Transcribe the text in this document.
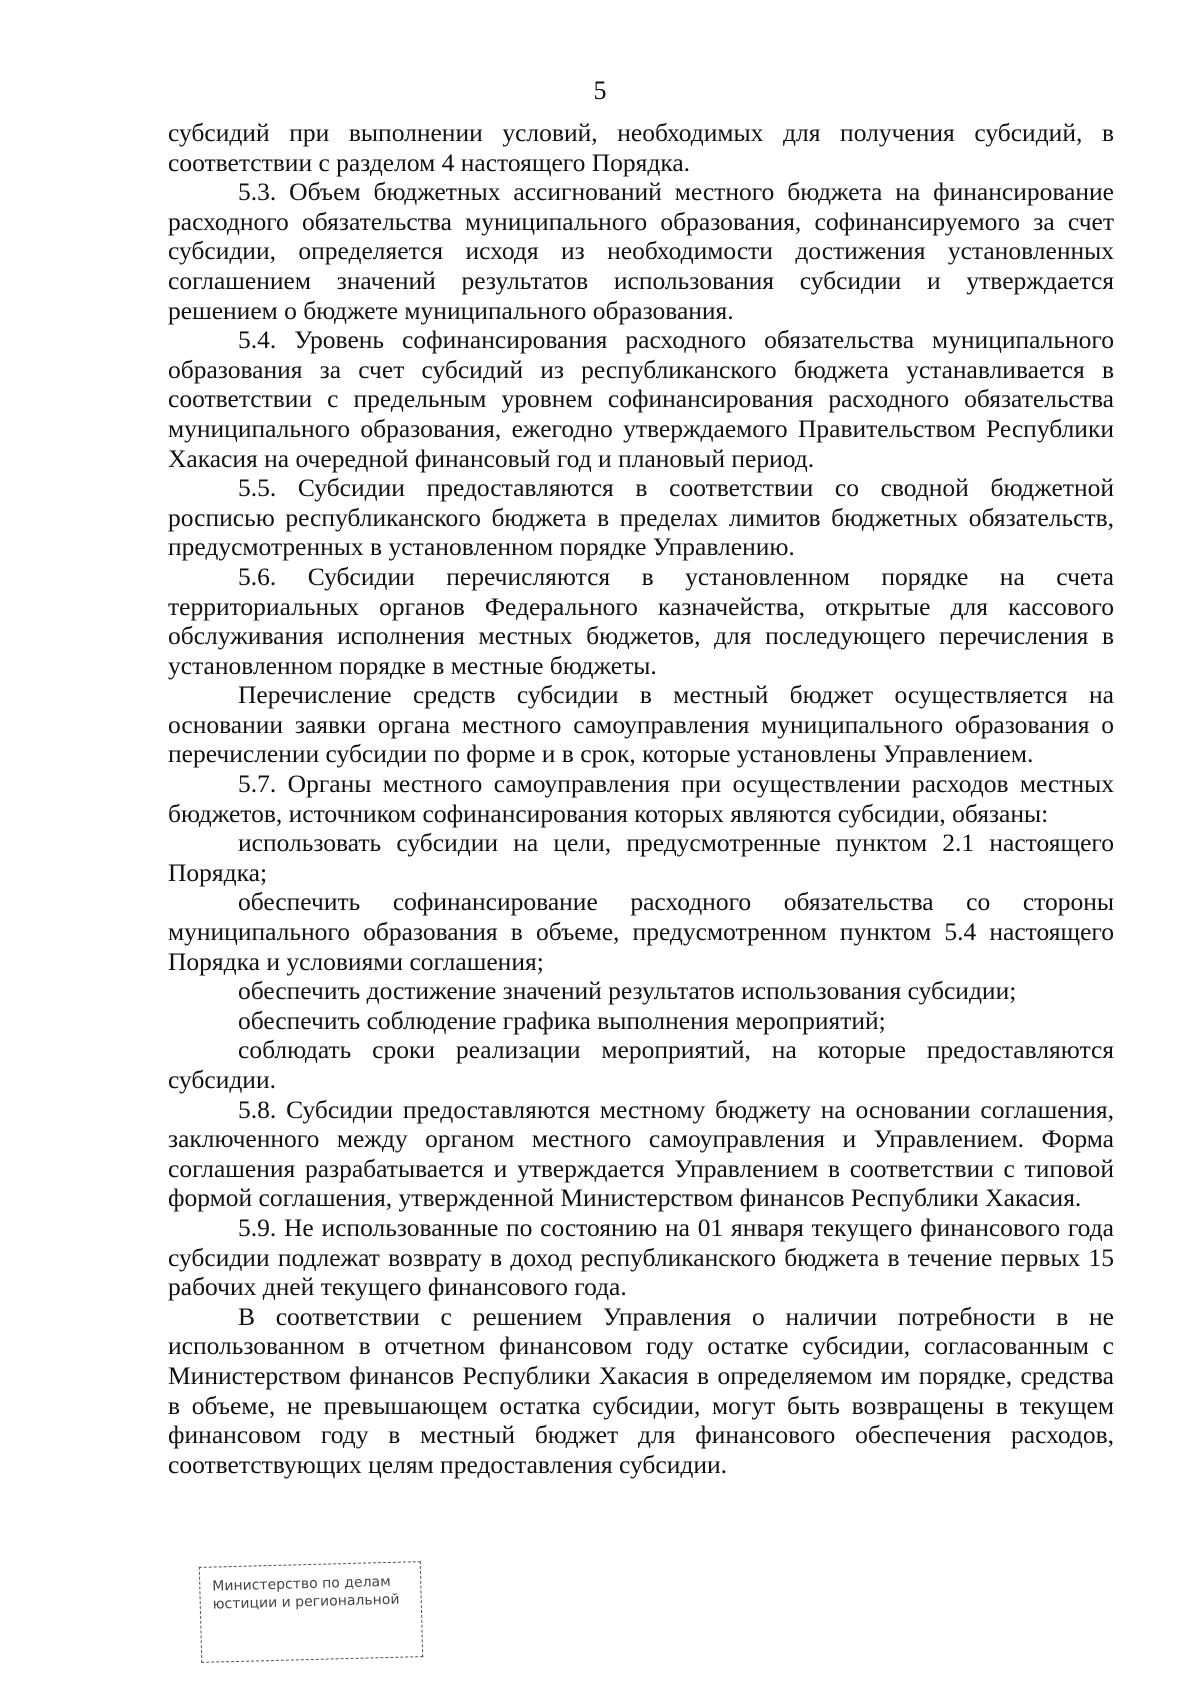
5

субсидий при выполнении условий, необходимых для получения субсидий, в соответствии с разделом 4 настоящего Порядка.

5.3. Объем бюджетных ассигнований местного бюджета на финансирование расходного обязательства муниципального образования, софинансируемого за счет субсидии, определяется исходя из необходимости достижения установленных соглашением значений результатов использования субсидии и утверждается решением о бюджете муниципального образования.

5.4. Уровень софинансирования расходного обязательства муниципального образования за счет субсидий из республиканского бюджета устанавливается в соответствии с предельным уровнем софинансирования расходного обязательства муниципального образования, ежегодно утверждаемого Правительством Республики Хакасия на очередной финансовый год и плановый период.

5.5. Субсидии предоставляются в соответствии со сводной бюджетной росписью республиканского бюджета в пределах лимитов бюджетных обязательств, предусмотренных в установленном порядке Управлению.

5.6. Субсидии перечисляются в установленном порядке на счета территориальных органов Федерального казначейства, открытые для кассового обслуживания исполнения местных бюджетов, для последующего перечисления в установленном порядке в местные бюджеты.

Перечисление средств субсидии в местный бюджет осуществляется на основании заявки органа местного самоуправления муниципального образования о перечислении субсидии по форме и в срок, которые установлены Управлением.

5.7. Органы местного самоуправления при осуществлении расходов местных бюджетов, источником софинансирования которых являются субсидии, обязаны:

использовать субсидии на цели, предусмотренные пунктом 2.1 настоящего Порядка;

обеспечить софинансирование расходного обязательства со стороны муниципального образования в объеме, предусмотренном пунктом 5.4 настоящего Порядка и условиями соглашения;

обеспечить достижение значений результатов использования субсидии;

обеспечить соблюдение графика выполнения мероприятий;

соблюдать сроки реализации мероприятий, на которые предоставляются субсидии.

5.8. Субсидии предоставляются местному бюджету на основании соглашения, заключенного между органом местного самоуправления и Управлением. Форма соглашения разрабатывается и утверждается Управлением в соответствии с типовой формой соглашения, утвержденной Министерством финансов Республики Хакасия.

5.9. Не использованные по состоянию на 01 января текущего финансового года субсидии подлежат возврату в доход республиканского бюджета в течение первых 15 рабочих дней текущего финансового года.

В соответствии с решением Управления о наличии потребности в не использованном в отчетном финансовом году остатке субсидии, согласованным с Министерством финансов Республики Хакасия в определяемом им порядке, средства в объеме, не превышающем остатка субсидии, могут быть возвращены в текущем финансовом году в местный бюджет для финансового обеспечения расходов, соответствующих целям предоставления субсидии.

Министерство по делам
юстиции и региональной
